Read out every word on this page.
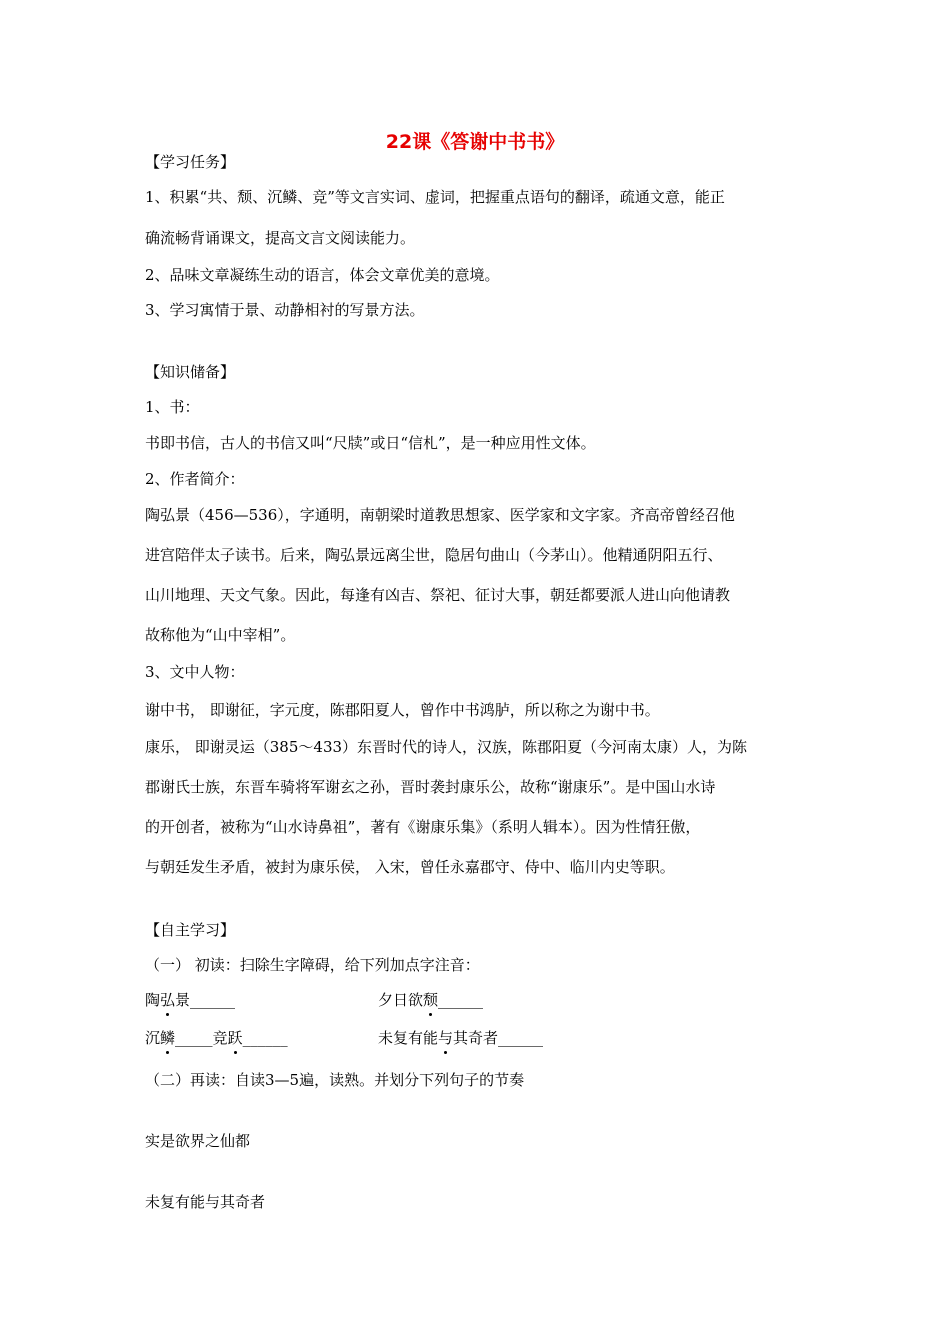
22课《答谢中书书》
【学习任务】
1、积累“共、颓、沉鳞、竞”等文言实词、虚词，把握重点语句的翻译，疏通文意，能正
确流畅背诵课文，提高文言文阅读能力。
2、品味文章凝练生动的语言，体会文章优美的意境。
3、学习寓情于景、动静相衬的写景方法。
【知识储备】
1、书：
书即书信，古人的书信又叫“尺牍”或日“信札”，是一种应用性文体。
2、作者简介：
陶弘景（456—536），字通明，南朝梁时道教思想家、医学家和文字家。齐高帝曾经召他
进宫陪伴太子读书。后来，陶弘景远离尘世，隐居句曲山（今茅山）。他精通阴阳五行、
山川地理、天文气象。因此，每逢有凶吉、祭祀、征讨大事，朝廷都要派人进山向他请教
故称他为“山中宰相”。
3、文中人物：
谢中书， 即谢征，字元度，陈郡阳夏人，曾作中书鸿胪，所以称之为谢中书。
康乐， 即谢灵运（385～433）东晋时代的诗人，汉族，陈郡阳夏（今河南太康）人，为陈
郡谢氏士族，东晋车骑将军谢玄之孙，晋时袭封康乐公，故称“谢康乐”。是中国山水诗
的开创者，被称为“山水诗鼻祖”，著有《谢康乐集》（系明人辑本）。因为性情狂傲，
与朝廷发生矛盾，被封为康乐侯， 入宋，曾任永嘉郡守、侍中、临川内史等职。
【自主学习】
（一） 初读：扫除生字障碍，给下列加点字注音：
陶弘景______	夕日欲颓______
沉鳞_____竞跃______	未复有能与其奇者______
（二）再读：自读3—5遍，读熟。并划分下列句子的节奏
实是欲界之仙都
未复有能与其奇者
